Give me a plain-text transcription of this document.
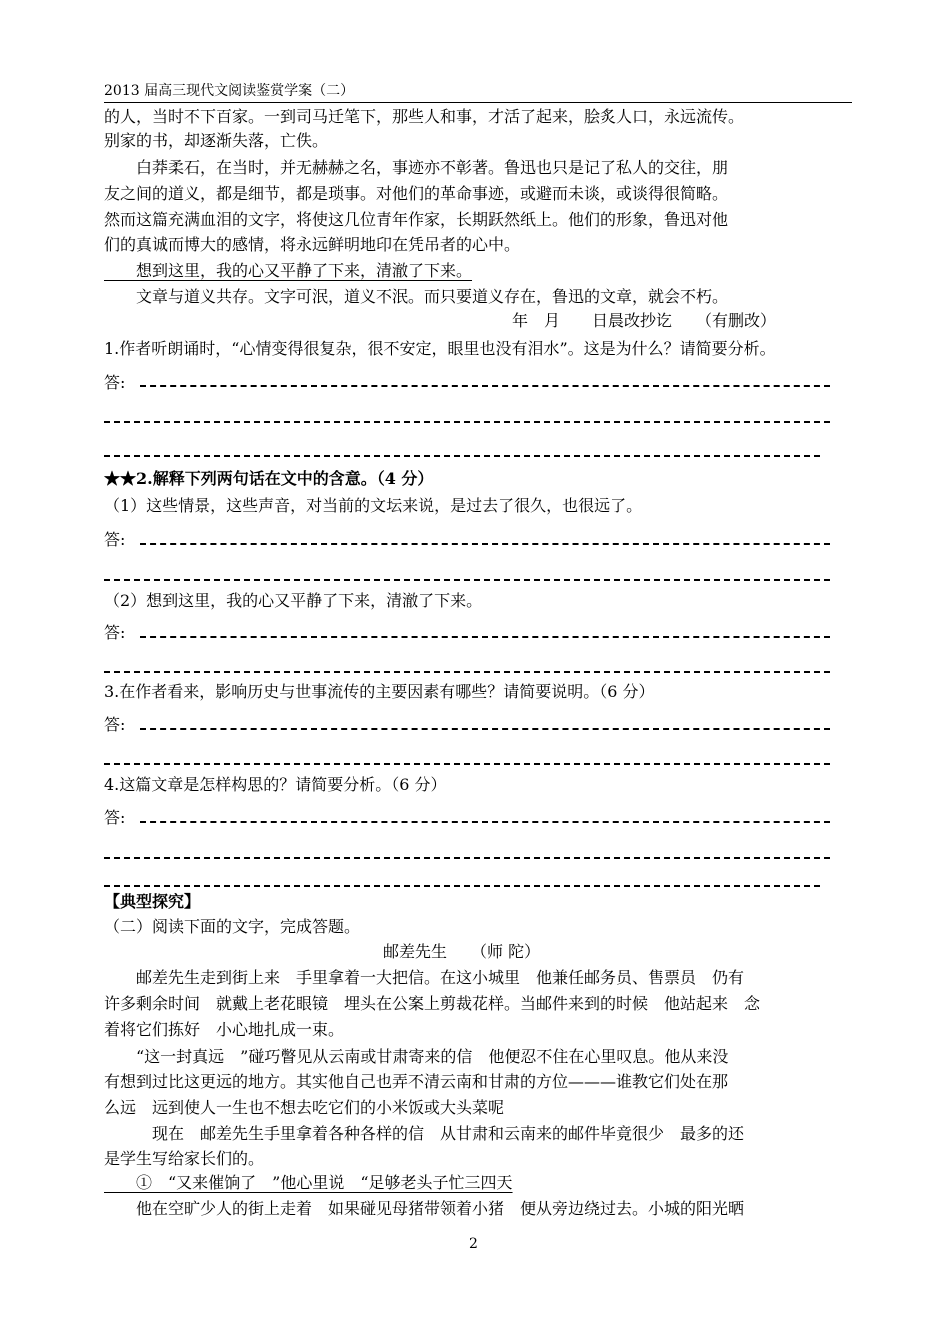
2013 届高三现代文阅读鉴赏学案（二）
的人，当时不下百家。一到司马迁笔下，那些人和事，才活了起来，脍炙人口，永远流传。
别家的书，却逐渐失落，亡佚。
　　白莽柔石，在当时，并无赫赫之名，事迹亦不彰著。鲁迅也只是记了私人的交往，朋
友之间的道义，都是细节，都是琐事。对他们的革命事迹，或避而未谈，或谈得很简略。
然而这篇充满血泪的文字，将使这几位青年作家，长期跃然纸上。他们的形象，鲁迅对他
们的真诚而博大的感情，将永远鲜明地印在凭吊者的心中。
　　想到这里，我的心又平静了下来，清澈了下来。
　　文章与道义共存。文字可泯，道义不泯。而只要道义存在，鲁迅的文章，就会不朽。
年　月　　日晨改抄讫　　（有删改）
1.作者听朗诵时，“心情变得很复杂，很不安定，眼里也没有泪水”。这是为什么？请简要分析。
答:
★★2.解释下列两句话在文中的含意。（4 分）
（1）这些情景，这些声音，对当前的文坛来说，是过去了很久，也很远了。
答:
（2）想到这里，我的心又平静了下来，清澈了下来。
答:
3.在作者看来，影响历史与世事流传的主要因素有哪些？请简要说明。（6 分）
答:
4.这篇文章是怎样构思的？请简要分析。（6 分）
答:
【典型探究】
（二）阅读下面的文字，完成答题。
邮差先生　　（师 陀）
　　邮差先生走到街上来　手里拿着一大把信。在这小城里　他兼任邮务员、售票员　仍有
许多剩余时间　就戴上老花眼镜　埋头在公案上剪裁花样。当邮件来到的时候　他站起来　念
着将它们拣好　小心地扎成一束。
　　“这一封真远　”碰巧瞥见从云南或甘肃寄来的信　他便忍不住在心里叹息。他从来没
有想到过比这更远的地方。其实他自己也弄不清云南和甘肃的方位———谁教它们处在那
么远　远到使人一生也不想去吃它们的小米饭或大头菜呢
　　　现在　邮差先生手里拿着各种各样的信　从甘肃和云南来的邮件毕竟很少　最多的还
是学生写给家长们的。
　　①　“又来催饷了　”他心里说　“足够老头子忙三四天
　　他在空旷少人的街上走着　如果碰见母猪带领着小猪　便从旁边绕过去。小城的阳光晒
2
